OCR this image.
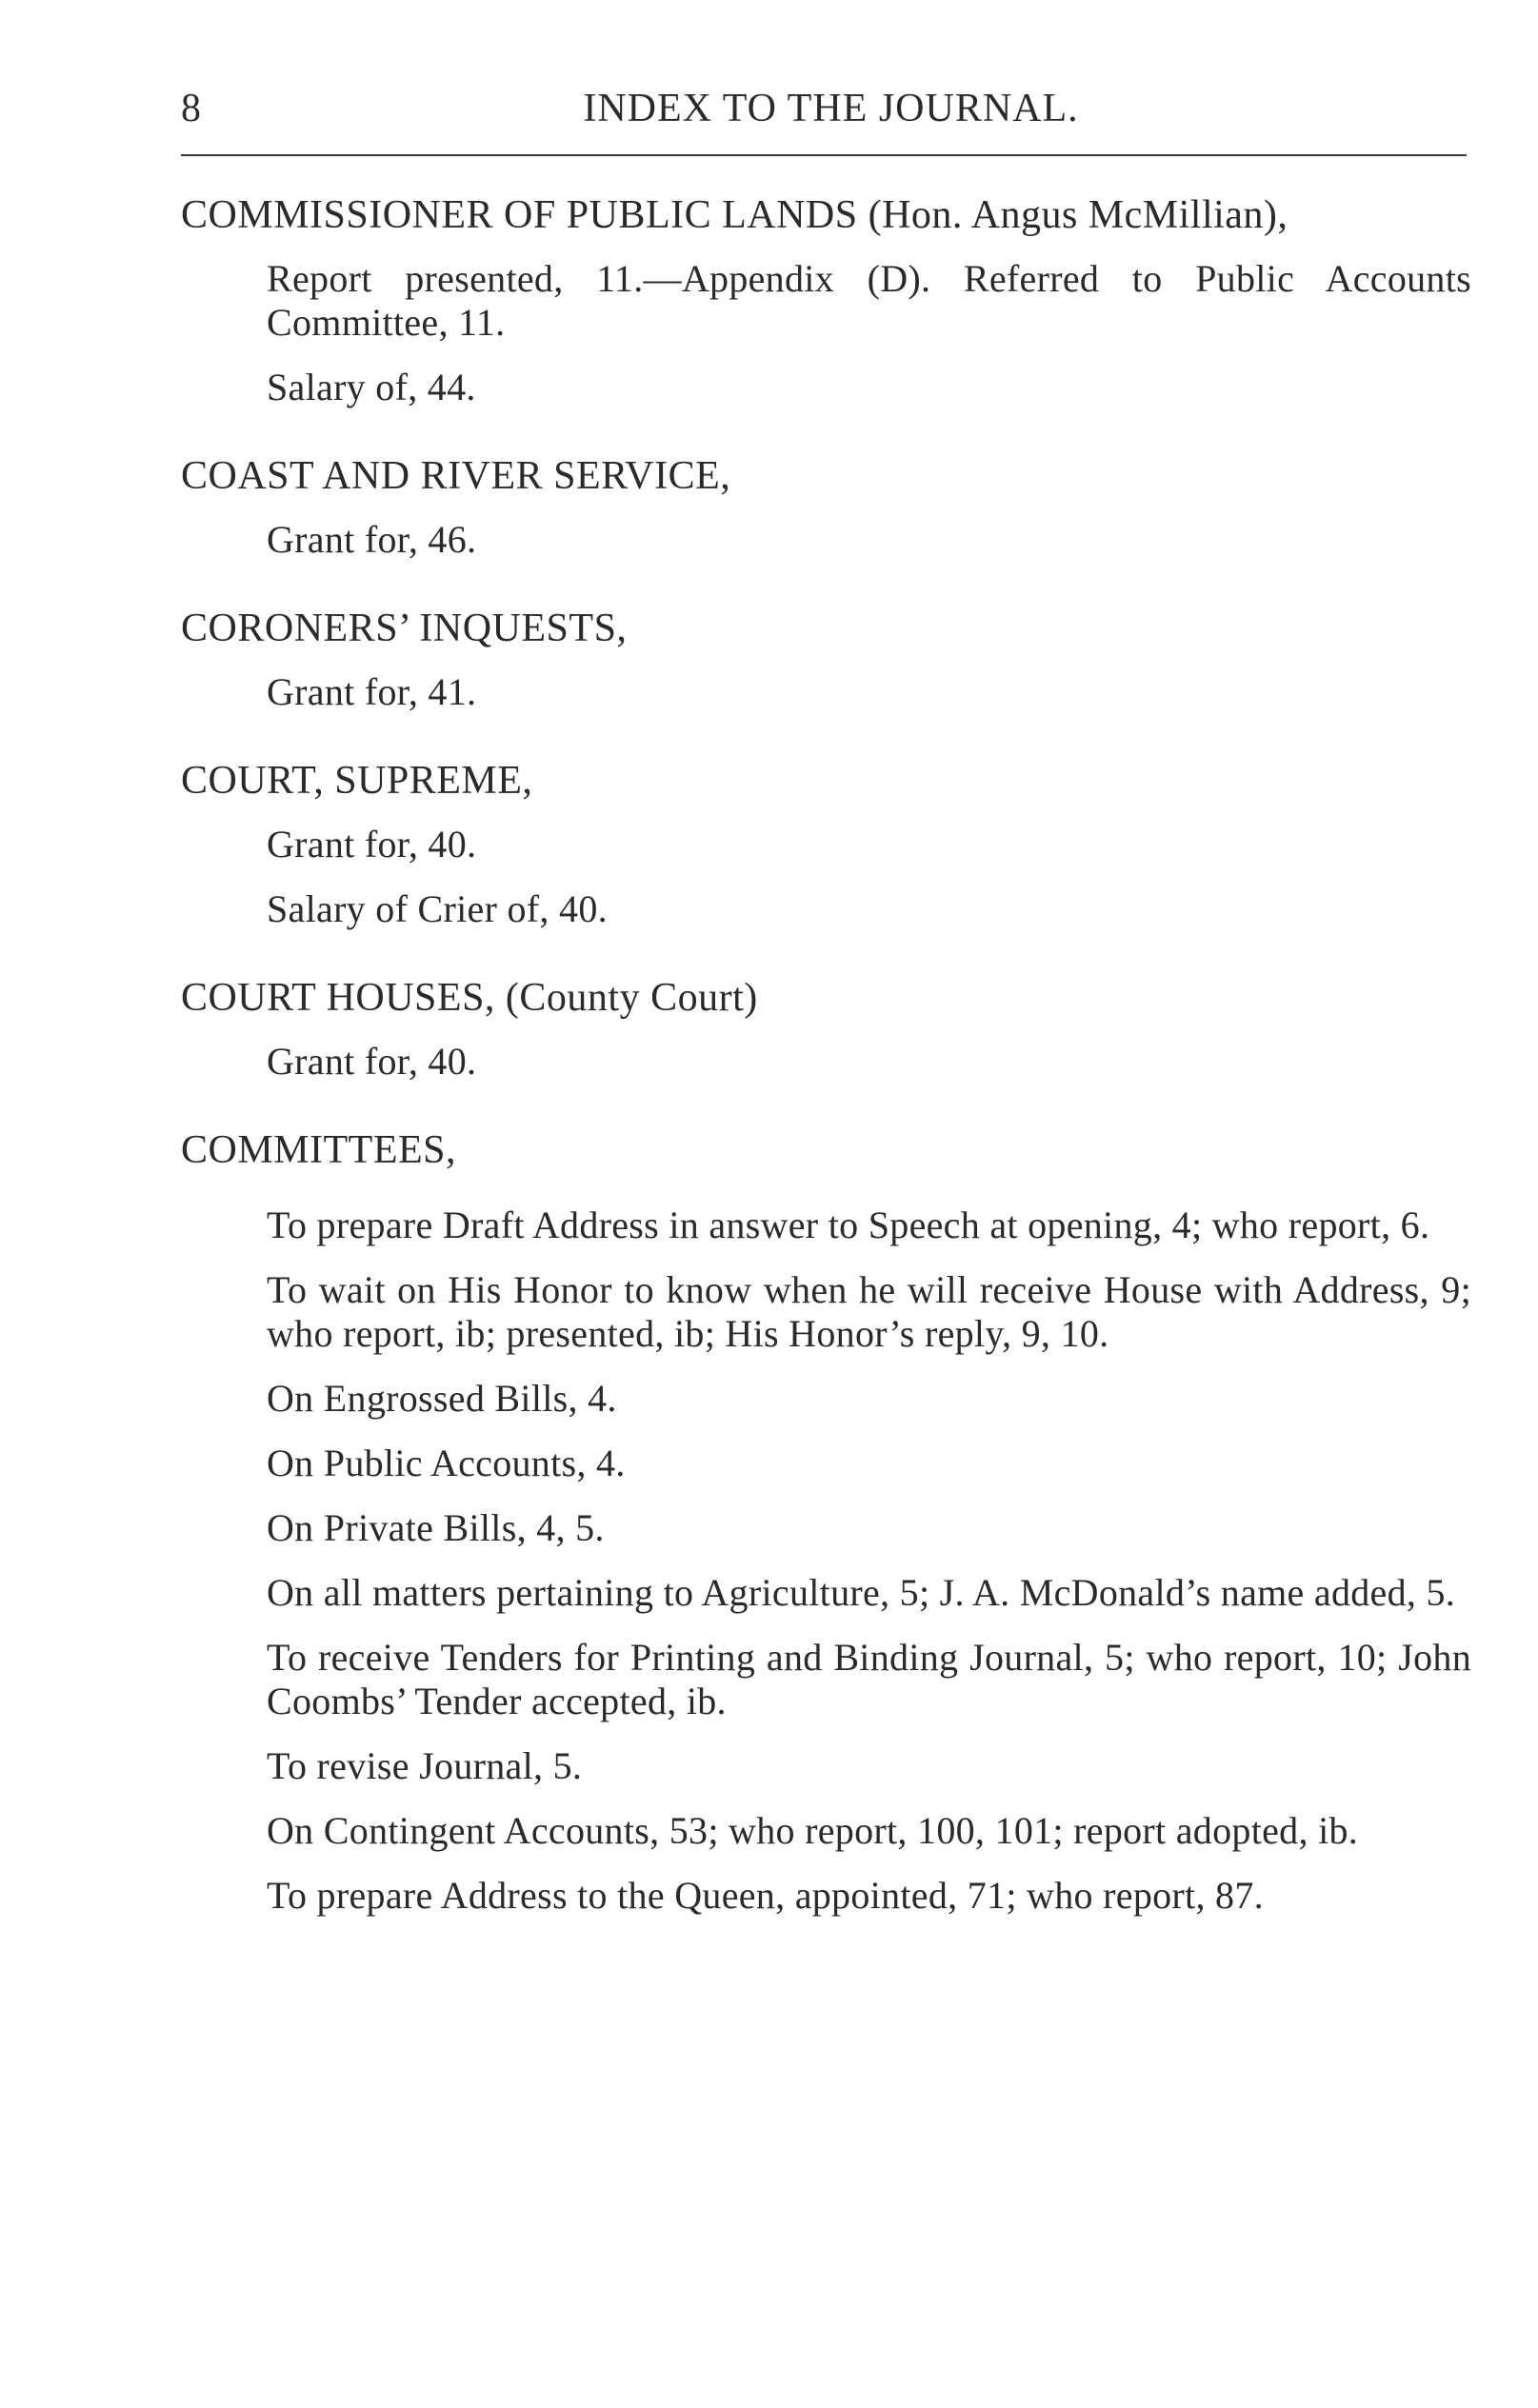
8	INDEX TO THE JOURNAL.
COMMISSIONER OF PUBLIC LANDS (Hon. Angus McMillian),
Report presented, 11.—Appendix (D). Referred to Public Accounts Committee, 11.
Salary of, 44.
COAST AND RIVER SERVICE,
Grant for, 46.
CORONERS’ INQUESTS,
Grant for, 41.
COURT, SUPREME,
Grant for, 40.
Salary of Crier of, 40.
COURT HOUSES, (County Court)
Grant for, 40.
COMMITTEES,
To prepare Draft Address in answer to Speech at opening, 4; who report, 6.
To wait on His Honor to know when he will receive House with Address, 9; who report, ib; presented, ib; His Honor’s reply, 9, 10.
On Engrossed Bills, 4.
On Public Accounts, 4.
On Private Bills, 4, 5.
On all matters pertaining to Agriculture, 5; J. A. McDonald’s name added, 5.
To receive Tenders for Printing and Binding Journal, 5; who report, 10; John Coombs’ Tender accepted, ib.
To revise Journal, 5.
On Contingent Accounts, 53; who report, 100, 101; report adopted, ib.
To prepare Address to the Queen, appointed, 71; who report, 87.
